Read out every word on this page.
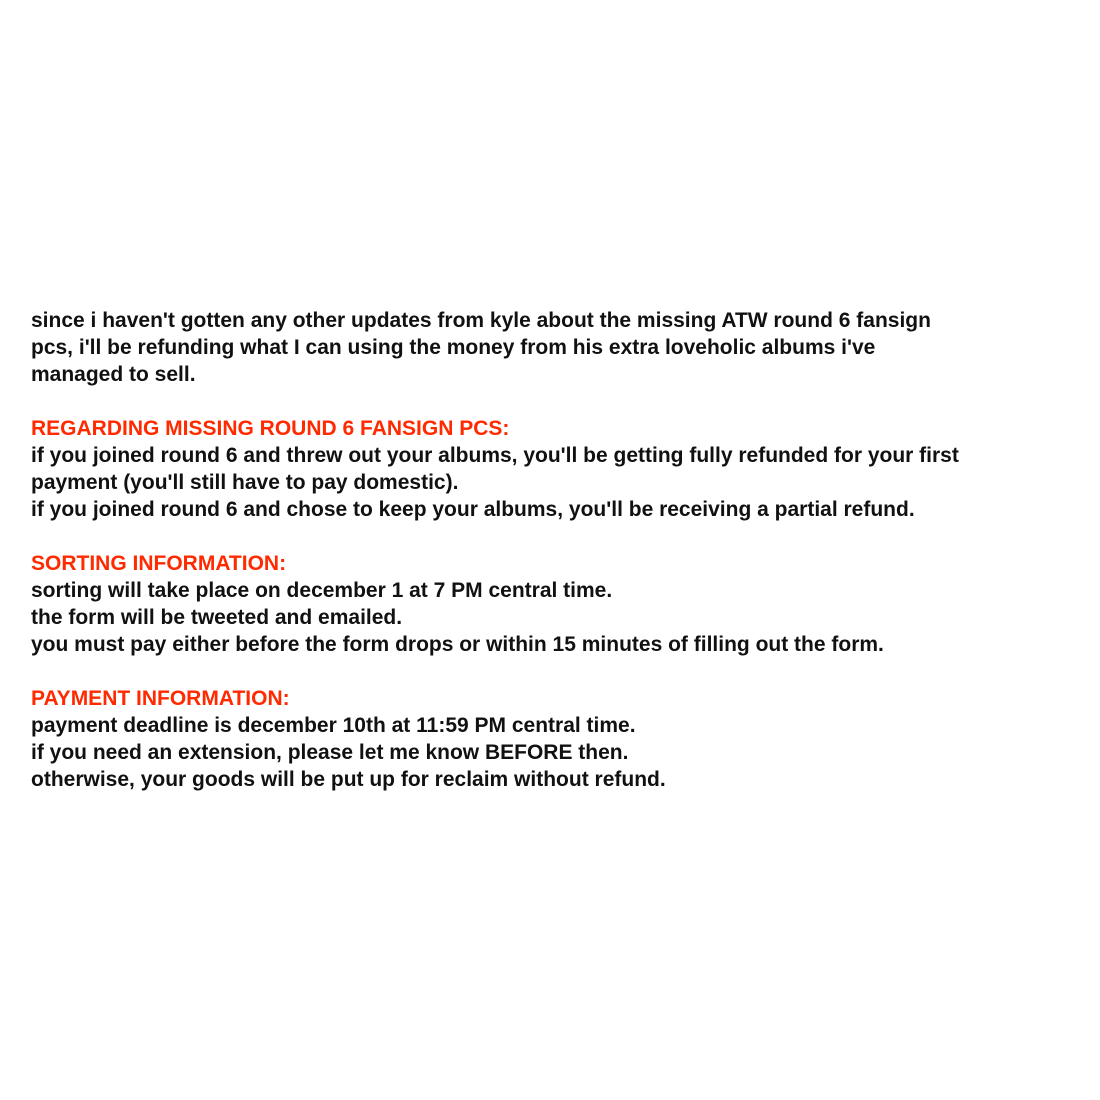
since i haven't gotten any other updates from kyle about the missing ATW round 6 fansign
pcs, i'll be refunding what I can using the money from his extra loveholic albums i've
managed to sell.
REGARDING MISSING ROUND 6 FANSIGN PCS:
if you joined round 6 and threw out your albums, you'll be getting fully refunded for your first
payment (you'll still have to pay domestic).
if you joined round 6 and chose to keep your albums, you'll be receiving a partial refund.
SORTING INFORMATION:
sorting will take place on december 1 at 7 PM central time.
the form will be tweeted and emailed.
you must pay either before the form drops or within 15 minutes of filling out the form.
PAYMENT INFORMATION:
payment deadline is december 10th at 11:59 PM central time.
if you need an extension, please let me know BEFORE then.
otherwise, your goods will be put up for reclaim without refund.
